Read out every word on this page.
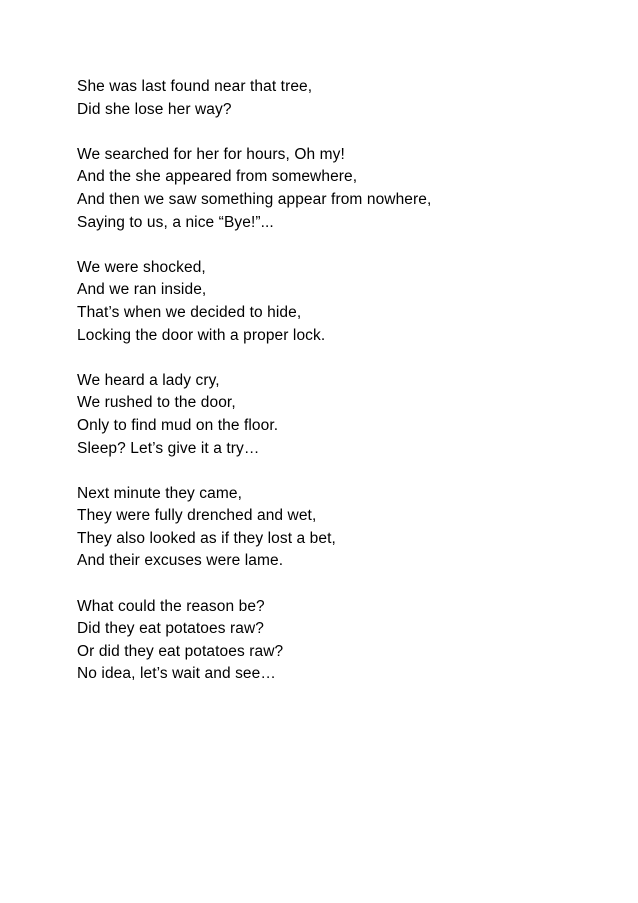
She was last found near that tree,
Did she lose her way?
We searched for her for hours, Oh my!
And the she appeared from somewhere,
And then we saw something appear from nowhere,
Saying to us, a nice “Bye!”...
We were shocked,
And we ran inside,
That’s when we decided to hide,
Locking the door with a proper lock.
We heard a lady cry,
We rushed to the door,
Only to find mud on the floor.
Sleep? Let’s give it a try…
Next minute they came,
They were fully drenched and wet,
They also looked as if they lost a bet,
And their excuses were lame.
What could the reason be?
Did they eat potatoes raw?
Or did they eat potatoes raw?
No idea, let’s wait and see…
